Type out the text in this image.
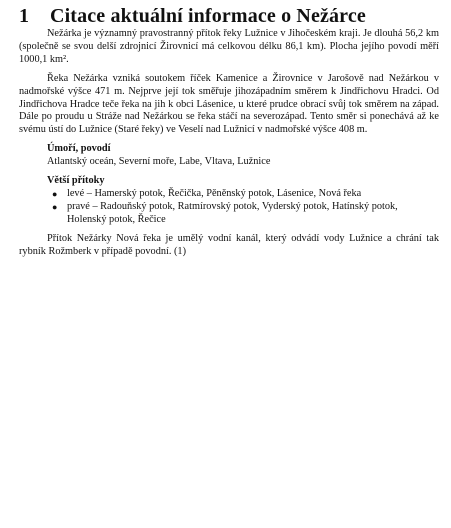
1	Citace aktuální informace o Nežárce

Nežárka je významný pravostranný přítok řeky Lužnice v Jihočeském kraji. Je dlouhá 56,2 km (společně se svou delší zdrojnicí Žirovnicí má celkovou délku 86,1 km). Plocha jejího povodí měří 1000,1 km².

Řeka Nežárka vzniká soutokem říček Kamenice a Žirovnice v Jarošově nad Nežárkou v nadmořské výšce 471 m. Nejprve její tok směřuje jihozápadním směrem k Jindřichovu Hradci. Od Jindřichova Hradce teče řeka na jih k obci Lásenice, u které prudce obrací svůj tok směrem na západ. Dále po proudu u Stráže nad Nežárkou se řeka stáčí na severozápad. Tento směr si ponechává až ke svému ústí do Lužnice (Staré řeky) ve Veselí nad Lužnicí v nadmořské výšce 408 m.

Úmoří, povodí

Atlantský oceán, Severní moře, Labe, Vltava, Lužnice

Větší přítoky

● levé – Hamerský potok, Řečička, Pěněnský potok, Lásenice, Nová řeka
● pravé – Radouňský potok, Ratmírovský potok, Vyderský potok, Hatínský potok, Holenský potok, Řečice

Přítok Nežárky Nová řeka je umělý vodní kanál, který odvádí vody Lužnice a chrání tak rybník Rožmberk v případě povodní. (1)
